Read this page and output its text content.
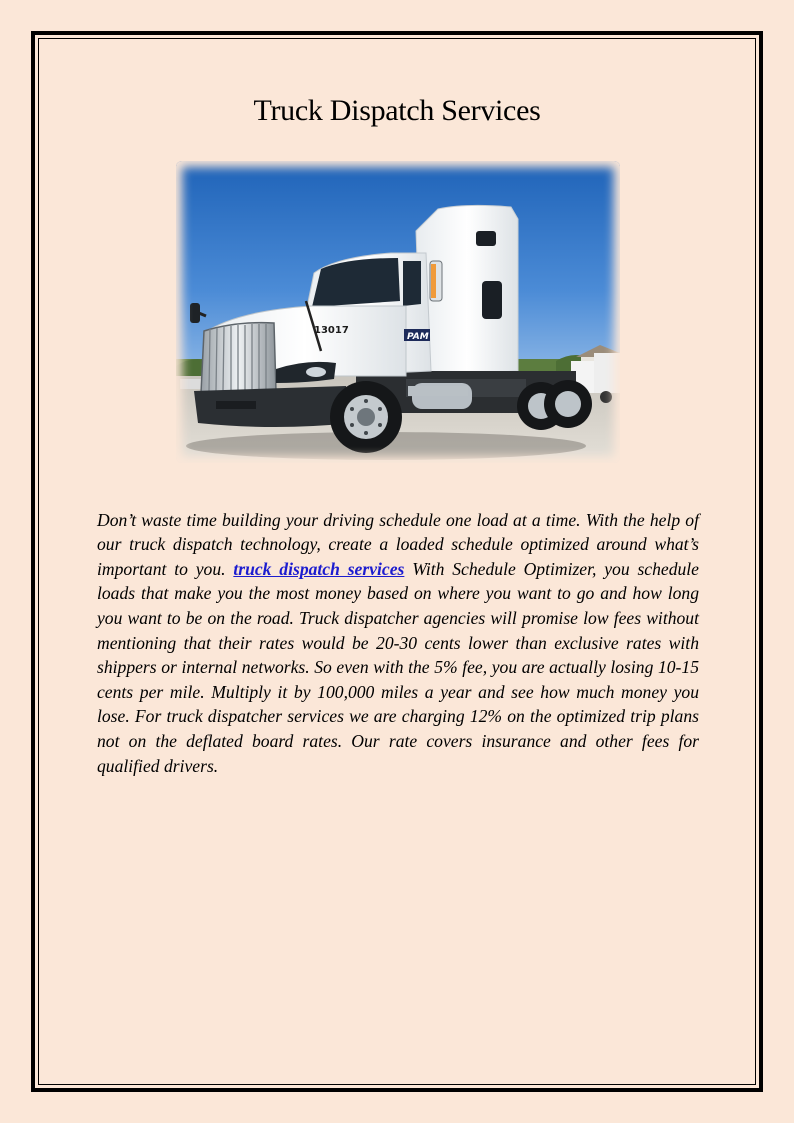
Truck Dispatch Services
13017
PAM

Don’t waste time building your driving schedule one load at a time. With the help of our truck dispatch technology, create a loaded schedule optimized around what’s important to you. truck dispatch services With Schedule Optimizer, you schedule loads that make you the most money based on where you want to go and how long you want to be on the road. Truck dispatcher agencies will promise low fees without mentioning that their rates would be 20-30 cents lower than exclusive rates with shippers or internal networks. So even with the 5% fee, you are actually losing 10-15 cents per mile. Multiply it by 100,000 miles a year and see how much money you lose. For truck dispatcher services we are charging 12% on the optimized trip plans not on the deflated board rates. Our rate covers insurance and other fees for qualified drivers.
